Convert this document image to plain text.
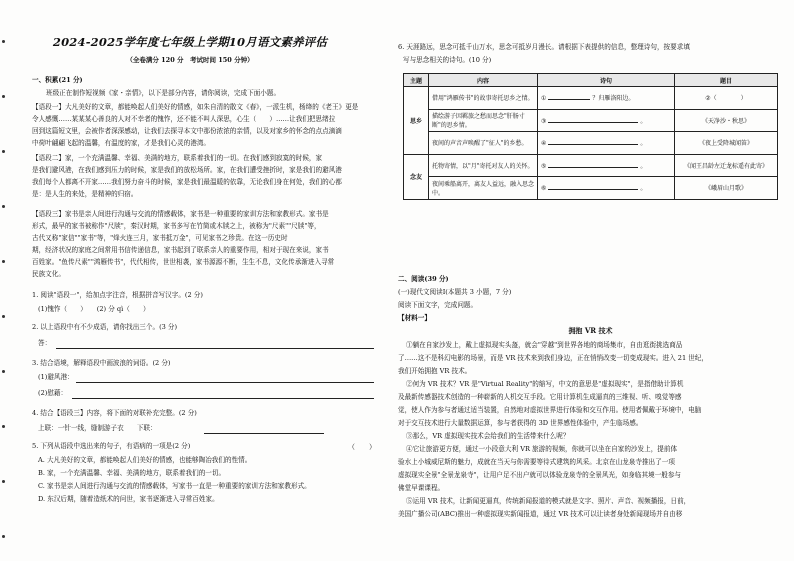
2024-2025学年度七年级上学期10月语文素养评估
（全卷满分 120 分　考试时间 150 分钟）
一、积累(21 分)
班级正在制作短视频《家・亲情》，以下是部分内容，请你阅读，完成下面小题。
【语段一】大凡美好的文章，都能唤起人们美好的情感，如朱自清的散文《春》，一派生机，杨绛的《老王》更是
令人感慨……某某某心善良的人对不幸者的愧怍，还不能不叫人深思，心生（　　）……让我们把思绪拉
回到这篇短文里，会被作者深深感动，让我们去探寻本文中那份浓浓的亲情，以及对家乡的怀念的点点滴滴
中荷叶翩翩飞起的温馨，有温度的家，才是我们心灵的港湾。
【语段二】家，一个充满温馨、幸福、美满的地方，联系着我们的一切。在我们感到寂寞的时候，家
是我们避风港，在我们感到压力的时候，家是我们的放松场所。家，在我们遭受挫折时，家是我们的避风港
我们每个人都离不开家……我们努力奋斗的时候，家是我们最温暖的依靠，无论我们身在何处，我们的心都
是：是人生的来处，是精神的归宿。
【语段三】家书是亲人间进行沟通与交流的情感载体，家书是一种重要的家训方法和家教形式。家书是
形式，最早的家书被称作"尺牍"，秦汉时期，家书多写在竹简或木牍之上，被称为"尺素""尺牍"等，
古代又称"家信""家书"等，"烽火连三月，家书抵万金"，可见家书之珍贵。在这一历史时
期，经济状况的家庭之间常用书信传递信息，家书起到了联系亲人的重要作用，相对于现在来说，家书
百姓家。"鱼传尺素""鸿雁传书"，代代相传，世世相袭，家书源源不断，生生不息，文化传承渐进入寻常
民族文化。
1. 阅读"语段一"，给加点字注音，根据拼音写汉字。(2 分)
(1)愧怍（　　）　　(2) 分 qì（　　）
2. 以上语段中有不少成语，请你找出三个。(3 分)
答：
3. 结合语境，解释语段中画波浪的词语。(2 分)
(1)避风港：
(2)慰藉：
4. 结合【语段三】内容，将下面的对联补充完整。(2 分)
上联：一针一线，缝制游子衣　　下联：
5. 下列从语段中选出来的句子，有语病的一项是(2 分)	（　　）
A. 大凡美好的文章，都能唤起人们美好的情感，也能够陶冶我们的性情。
B. 家，一个充满温馨、幸福、美满的地方，联系着我们的一切。
C. 家书是亲人间进行沟通与交流的情感载体，写家书一直是一种重要的家训方法和家教形式。
D. 东汉后期，随着造纸术的问世，家书逐渐进入寻常百姓家。
6. 天涯路远，思念可抵千山万水，思念可抵岁月漫长。请根据下表提供的信息，整理诗句，按要求填
写与思念相关的诗句。(10 分)
主题	内容	诗句	题目
思乡	借用"鸿雁传书"的故事寄托思乡之情。	① ？归雁洛阳边。	②（　　　　）
	描绘游子因羁旅之愁而思念"肝肠寸断"的思乡情。	③ 。	《天净沙・秋思》
	夜间的声音声唤醒了"征人"的乡愁。	④ 。	《夜上受降城闻笛》
念友	托物寄情，以"月"寄托对友人的关怀。	⑤ 。	《闻王昌龄左迁龙标遥有此寄》
	夜间乘船离开，离友人益远，融入思念中。	⑥ 。	《峨眉山月歌》
二、阅读(39 分)
(一)现代文阅读Ⅰ(本题共 3 小题，7 分)
阅读下面文字，完成问题。
【材料一】
拥抱 VR 技术
①躺在自家沙发上，戴上虚拟现实头盔，就会"穿越"到世界各地的商场集市，自由逛街挑选商品
了……这不是科幻电影的场景，而是 VR 技术来到我们身边，正在悄悄改变一切变成现实。进入 21 世纪，
我们开始拥抱 VR 技术。
②何为 VR 技术？VR 是"Virtual Reality"的缩写，中文的意思是"虚拟现实"，是指借助计算机
及最新传感器技术创造的一种崭新的人机交互手段。它用计算机生成逼真的三维视、听、嗅觉等感
觉，使人作为参与者通过适当装置，自然地对虚拟世界进行体验和交互作用。使用者佩戴于环境中，电脑
对于交互技术进行大量数据运算，参与者获得的 3D 世界感性体验中，产生临场感。
③那么，VR 虚拟现实技术会给我们的生活带来什么呢？
④它让旅游更方便，通过一小段意大利 VR 旅游的视频，你就可以坐在自家的沙发上，提前体
验水上小城威尼斯的魅力，成就在当天与你需要等待式建筑的风采。北京在山龙泉寺推出了一项
虚拟现实全景"全景龙泉寺"，让用户足不出户就可以体验龙泉寺的全景风光，如身临其境一般参与
佛堂早课课程。
⑤运用 VR 技术，让新闻更逼真，传统新闻报道的模式就是文字、照片、声音、视频播报，日前，
美国广播公司(ABC)推出一种虚拟现实新闻报道，通过 VR 技术可以让读者身处新闻现场并自由移
